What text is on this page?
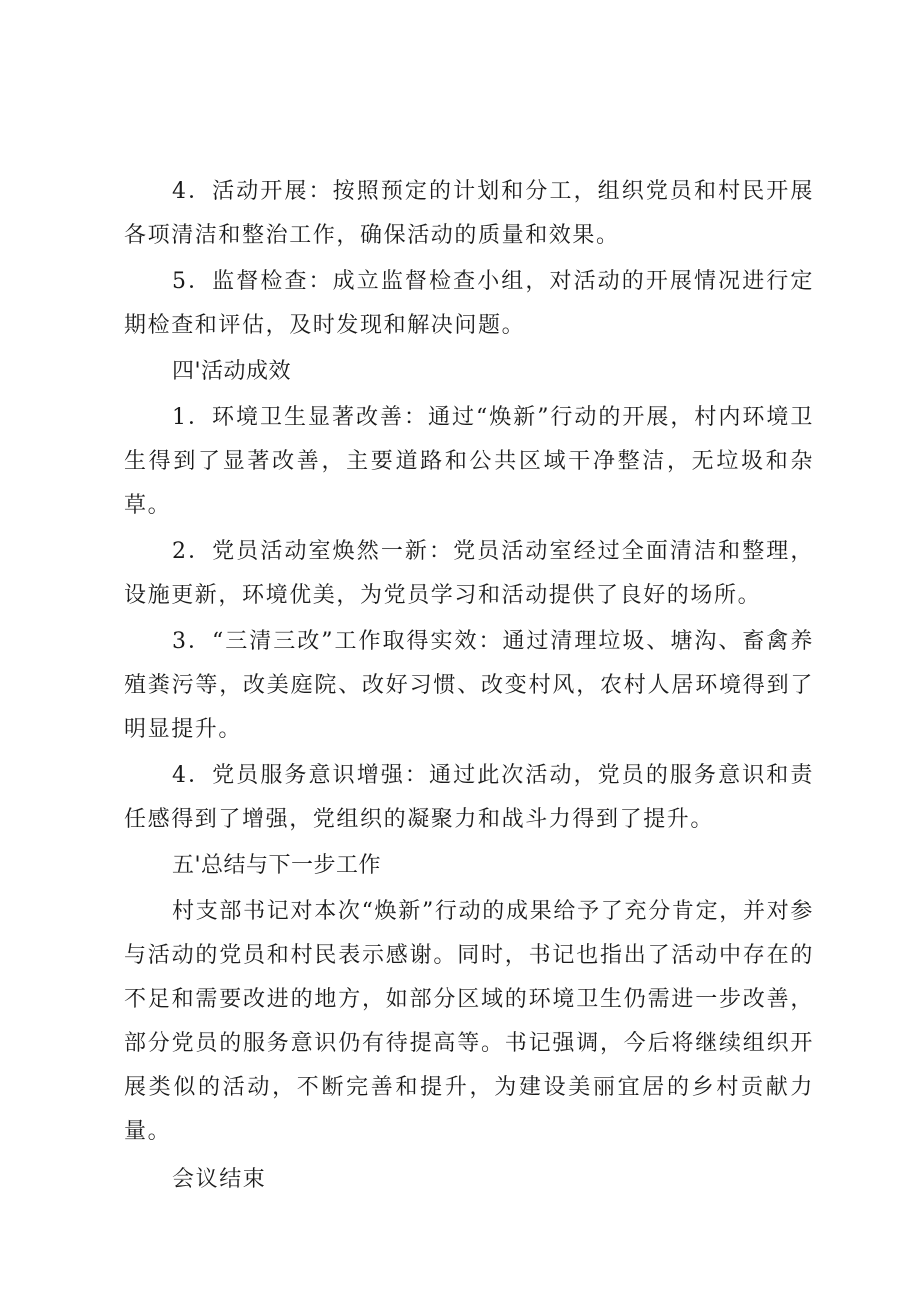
4．活动开展：按照预定的计划和分工，组织党员和村民开展各项清洁和整治工作，确保活动的质量和效果。

5．监督检查：成立监督检查小组，对活动的开展情况进行定期检查和评估，及时发现和解决问题。

四'活动成效

1．环境卫生显著改善：通过“焕新”行动的开展，村内环境卫生得到了显著改善，主要道路和公共区域干净整洁，无垃圾和杂草。

2．党员活动室焕然一新：党员活动室经过全面清洁和整理，设施更新，环境优美，为党员学习和活动提供了良好的场所。

3．“三清三改”工作取得实效：通过清理垃圾、塘沟、畜禽养殖粪污等，改美庭院、改好习惯、改变村风，农村人居环境得到了明显提升。

4．党员服务意识增强：通过此次活动，党员的服务意识和责任感得到了增强，党组织的凝聚力和战斗力得到了提升。

五'总结与下一步工作

村支部书记对本次“焕新”行动的成果给予了充分肯定，并对参与活动的党员和村民表示感谢。同时，书记也指出了活动中存在的不足和需要改进的地方，如部分区域的环境卫生仍需进一步改善，部分党员的服务意识仍有待提高等。书记强调，今后将继续组织开展类似的活动，不断完善和提升，为建设美丽宜居的乡村贡献力量。

会议结束
